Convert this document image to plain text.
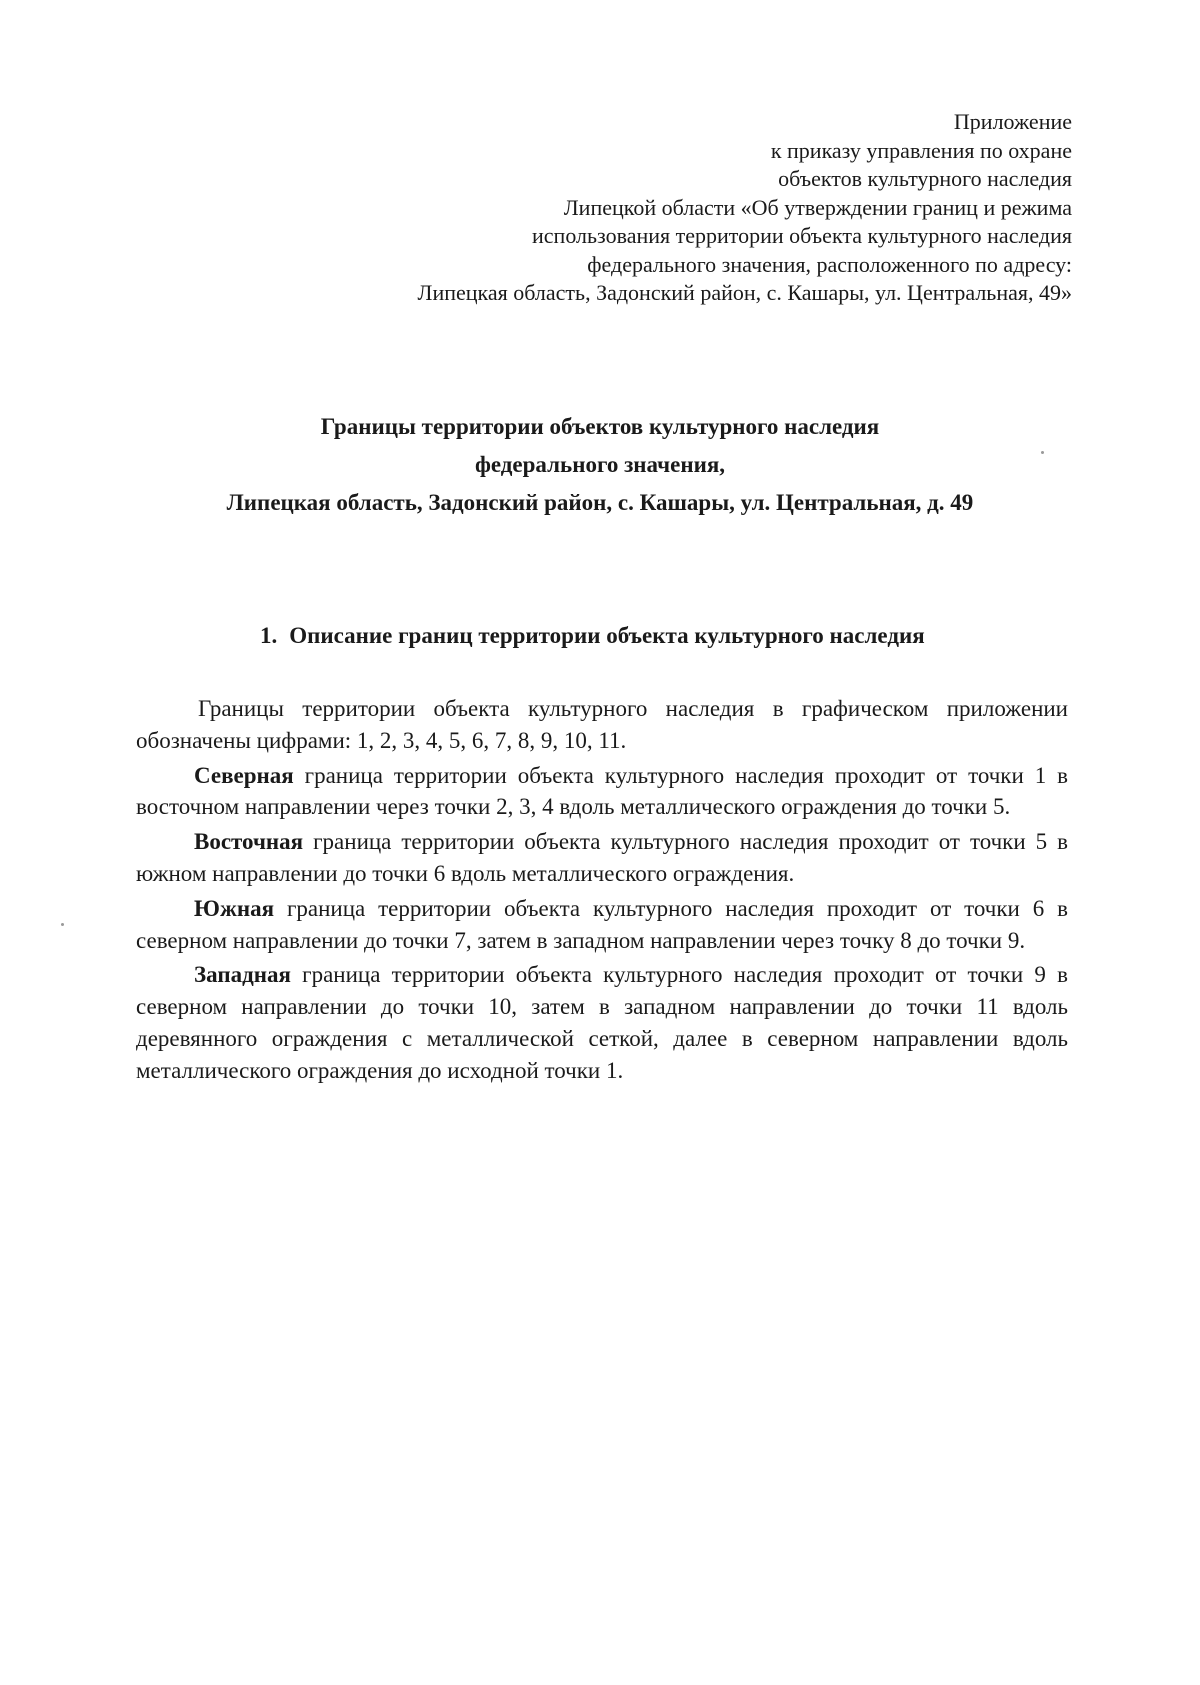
Приложение
к приказу управления по охране
объектов культурного наследия
Липецкой области «Об утверждении границ и режима
использования территории объекта культурного наследия
федерального значения, расположенного по адресу:
Липецкая область, Задонский район, с. Кашары, ул. Центральная, 49»
Границы территории объектов культурного наследия
федерального значения,
Липецкая область, Задонский район, с. Кашары, ул. Центральная, д. 49
1. Описание границ территории объекта культурного наследия

Границы территории объекта культурного наследия в графическом приложении обозначены цифрами: 1, 2, 3, 4, 5, 6, 7, 8, 9, 10, 11.

Северная граница территории объекта культурного наследия проходит от точки 1 в восточном направлении через точки 2, 3, 4 вдоль металлического ограждения до точки 5.

Восточная граница территории объекта культурного наследия проходит от точки 5 в южном направлении до точки 6 вдоль металлического ограждения.

Южная граница территории объекта культурного наследия проходит от точки 6 в северном направлении до точки 7, затем в западном направлении через точку 8 до точки 9.

Западная граница территории объекта культурного наследия проходит от точки 9 в северном направлении до точки 10, затем в западном направлении до точки 11 вдоль деревянного ограждения с металлической сеткой, далее в северном направлении вдоль металлического ограждения до исходной точки 1.
